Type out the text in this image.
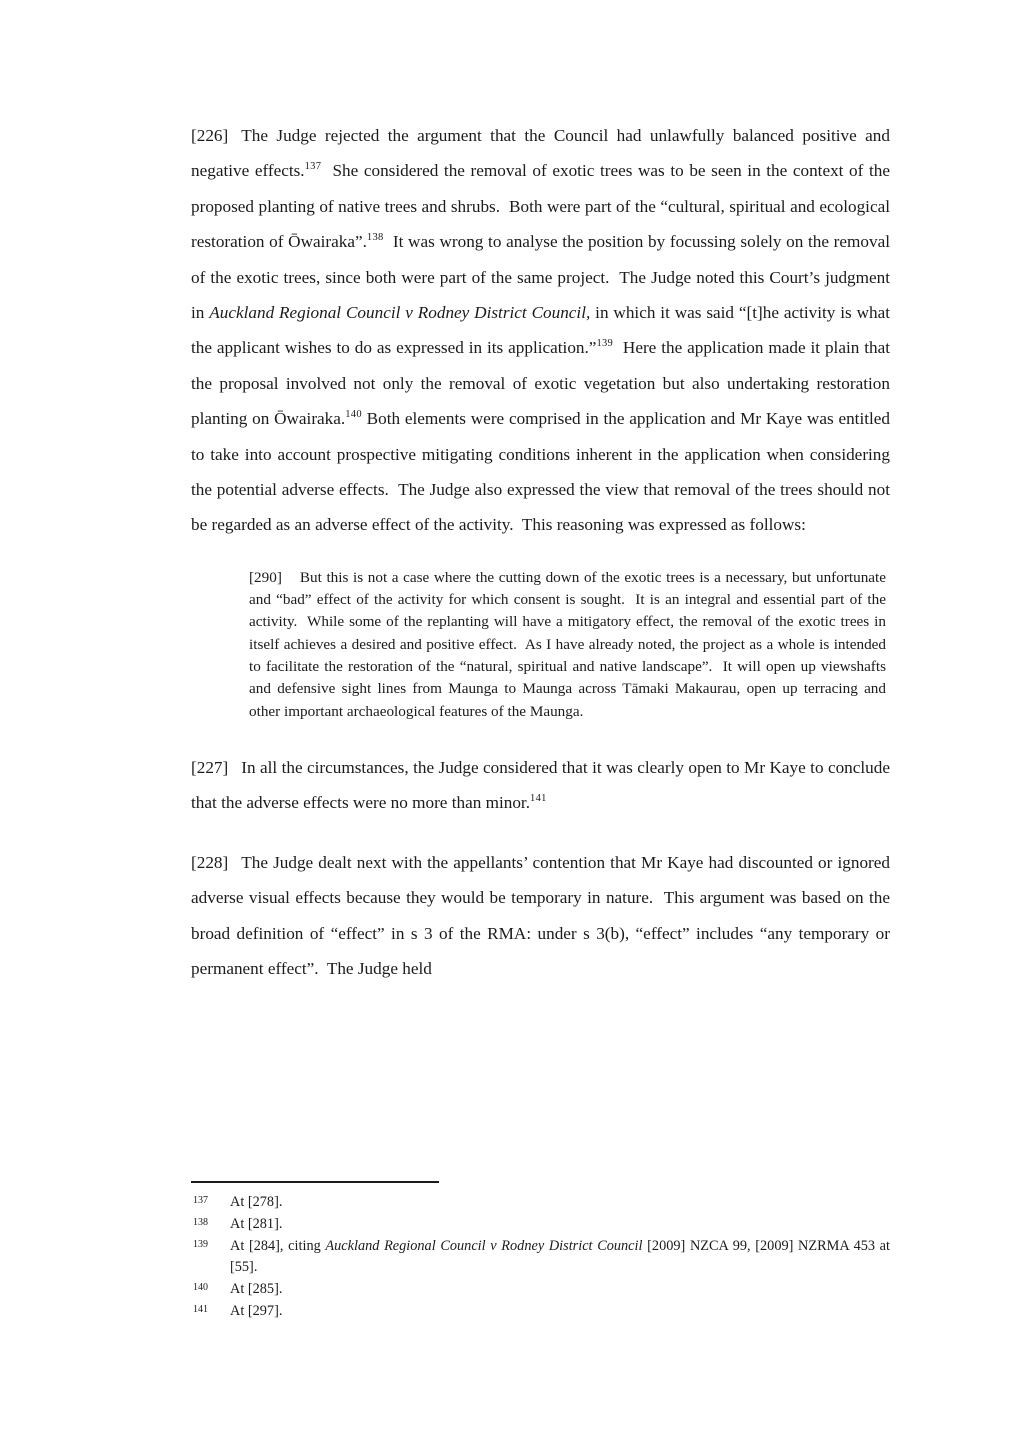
[226] The Judge rejected the argument that the Council had unlawfully balanced positive and negative effects.$^{137}$  She considered the removal of exotic trees was to be seen in the context of the proposed planting of native trees and shrubs.  Both were part of the “cultural, spiritual and ecological restoration of Ōwairaka”.$^{138}$  It was wrong to analyse the position by focussing solely on the removal of the exotic trees, since both were part of the same project.  The Judge noted this Court’s judgment in Auckland Regional Council v Rodney District Council, in which it was said “[t]he activity is what the applicant wishes to do as expressed in its application.”$^{139}$  Here the application made it plain that the proposal involved not only the removal of exotic vegetation but also undertaking restoration planting on Ōwairaka.$^{140}$ Both elements were comprised in the application and Mr Kaye was entitled to take into account prospective mitigating conditions inherent in the application when considering the potential adverse effects.  The Judge also expressed the view that removal of the trees should not be regarded as an adverse effect of the activity.  This reasoning was expressed as follows:
[290] But this is not a case where the cutting down of the exotic trees is a necessary, but unfortunate and “bad” effect of the activity for which consent is sought.  It is an integral and essential part of the activity.  While some of the replanting will have a mitigatory effect, the removal of the exotic trees in itself achieves a desired and positive effect.  As I have already noted, the project as a whole is intended to facilitate the restoration of the “natural, spiritual and native landscape”.  It will open up viewshafts and defensive sight lines from Maunga to Maunga across Tāmaki Makaurau, open up terracing and other important archaeological features of the Maunga.
[227] In all the circumstances, the Judge considered that it was clearly open to Mr Kaye to conclude that the adverse effects were no more than minor.$^{141}$
[228] The Judge dealt next with the appellants’ contention that Mr Kaye had discounted or ignored adverse visual effects because they would be temporary in nature.  This argument was based on the broad definition of “effect” in s 3 of the RMA: under s 3(b), “effect” includes “any temporary or permanent effect”.  The Judge held
137	At [278].
138	At [281].
139	At [284], citing Auckland Regional Council v Rodney District Council [2009] NZCA 99, [2009] NZRMA 453 at [55].
140	At [285].
141	At [297].
